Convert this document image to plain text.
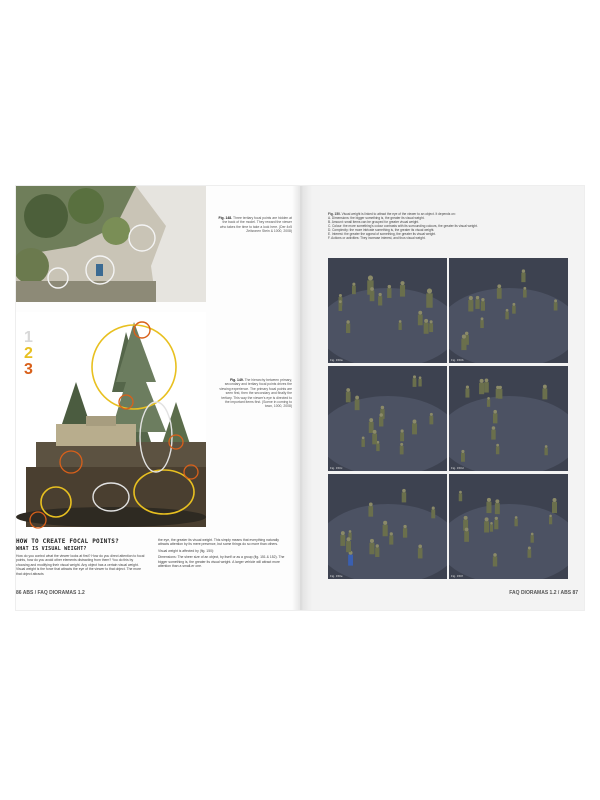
1
2
3
Fig. 148. Three tertiary focal points are hidden at the back of the model. They reward the viewer who takes the time to take a look here. (Der 4x5 Zeitzonen Stein & 1000, 2008)
Fig. 149. The hierarchy between primary, secondary and tertiary focal points drives the viewing experience. The primary focal points are seen first, then the secondary and finally the tertiary. This way the viewer's eye is directed to the important items first. (Scene in coming to town, 1000, 2008)
HOW TO CREATE FOCAL POINTS?
WHAT IS VISUAL WEIGHT?

How do you control what the viewer looks at first? How do you direct attention to focal points, how do you avoid other elements distracting from them? You do this by choosing and modifying their visual weight. Any object has a certain visual weight. Visual weight is the force that attracts the eye of the viewer to that object. The more that object attracts

the eye, the greater its visual weight. This simply means that everything naturally attracts attention by its mere presence, but some things do so more than others.

Visual weight is affected by (fig. 150):

Dimensions: The sheer size of an object, by itself or as a group (fig. 151 & 152). The bigger something is, the greater its visual weight. A larger vehicle will attract more attention than a small-er one.

86 ABS / FAQ DIORAMAS 1.2
Fig. 150. Visual weight is linked to attract the eye of the viewer to an object. It depends on:
A. Dimensions: the bigger something is, the greater its visual weight.
B. Amount: small items can be grouped for greater visual weight.
C. Colour: the more something's colour contrasts with its surrounding colours, the greater its visual weight.
D. Complexity: the more intricate something is, the greater its visual weight.
E. Interest: the greater the appeal of something, the greater its visual weight.
F. Actions or activities: They increase interest, and thus visual weight.
Fig. 150a	Fig. 150b
Fig. 150c	Fig. 150d
Fig. 150e	Fig. 150f
FAQ DIORAMAS 1.2 / ABS 87
